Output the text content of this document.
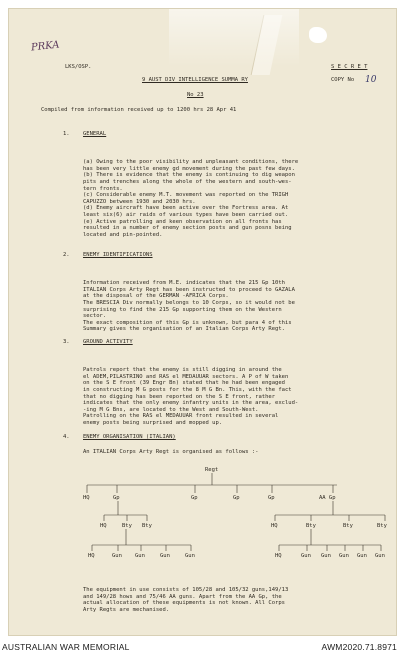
PRKA
LKS/OSP.	S E C R E T
9 AUST DIV INTELLIGENCE SUMMA RY	COPY No 10
No 23
Compiled from information received up to 1200 hrs 28 Apr 41
1. GENERAL

(a) Owing to the poor visibility and unpleasant conditions, there
has been very little enemy gd movement during the past few days.
(b) There is evidence that the enemy is continuing to dig weapon
pits and trenches along the whole of the western and south-wes-
tern fronts.
(c) Considerable enemy M.T. movement was reported on the TRIGH
CAPUZZO between 1930 and 2030 hrs.
(d) Enemy aircraft have been active over the Fortress area. At
least six(6) air raids of various types have been carried out.
(e) Active patrolling and keen observation on all fronts has
resulted in a number of enemy section posts and gun posns being
located and pin-pointed.

2. ENEMY IDENTIFICATIONS

Information received from M.E. indicates that the 215 Gp 10th
ITALIAN Corps Arty Regt has been instructed to proceed to GAZALA
at the disposal of the GERMAN -AFRICA Corps.
The BRESCIA Div normally belongs to 10 Corps, so it would not be
surprising to find the 215 Gp supporting them on the Western
sector.
The exact composition of this Gp is unknown, but para 4 of this
Summary gives the organisation of an Italian Corps Arty Regt.

3. GROUND ACTIVITY

Patrols report that the enemy is still digging in around the
el ADEM,PILASTRINO and RAS el MEDAUUAR sectors. A P of W taken
on the S E front (39 Engr Bn) stated that he had been engaged
in constructing M G posts for the 8 M G Bn. This, with the fact
that no digging has been reported on the S E front, rather
indicates that the only enemy infantry units in the area, exclud-
-ing M G Bns, are located to the West and South-West.
Patrolling on the RAS el MEDAUUAR front resulted in several
enemy posts being surprised and mopped up.

4. ENEMY ORGANISATION (ITALIAN)
An ITALIAN Corps Arty Regt is organised as follows :-
Regt
HQ	Gp	Gp	Gp	Gp	AA Gp
HQ	Bty Bty	HQ	Bty	Bty	Bty
HQ	Gun Gun	Gun	Gun	HQ	Gun Gun Gun Gun Gun

The equipment in use consists of 105/28 and 105/32 guns,149/13
and 149/28 hows and 75/46 AA guns. Apart from the AA Gp, the
actual allocation of these equipments is not known. All Corps
Arty Regts are mechanised.

AUSTRALIAN WAR MEMORIAL	AWM2020.71.8971
